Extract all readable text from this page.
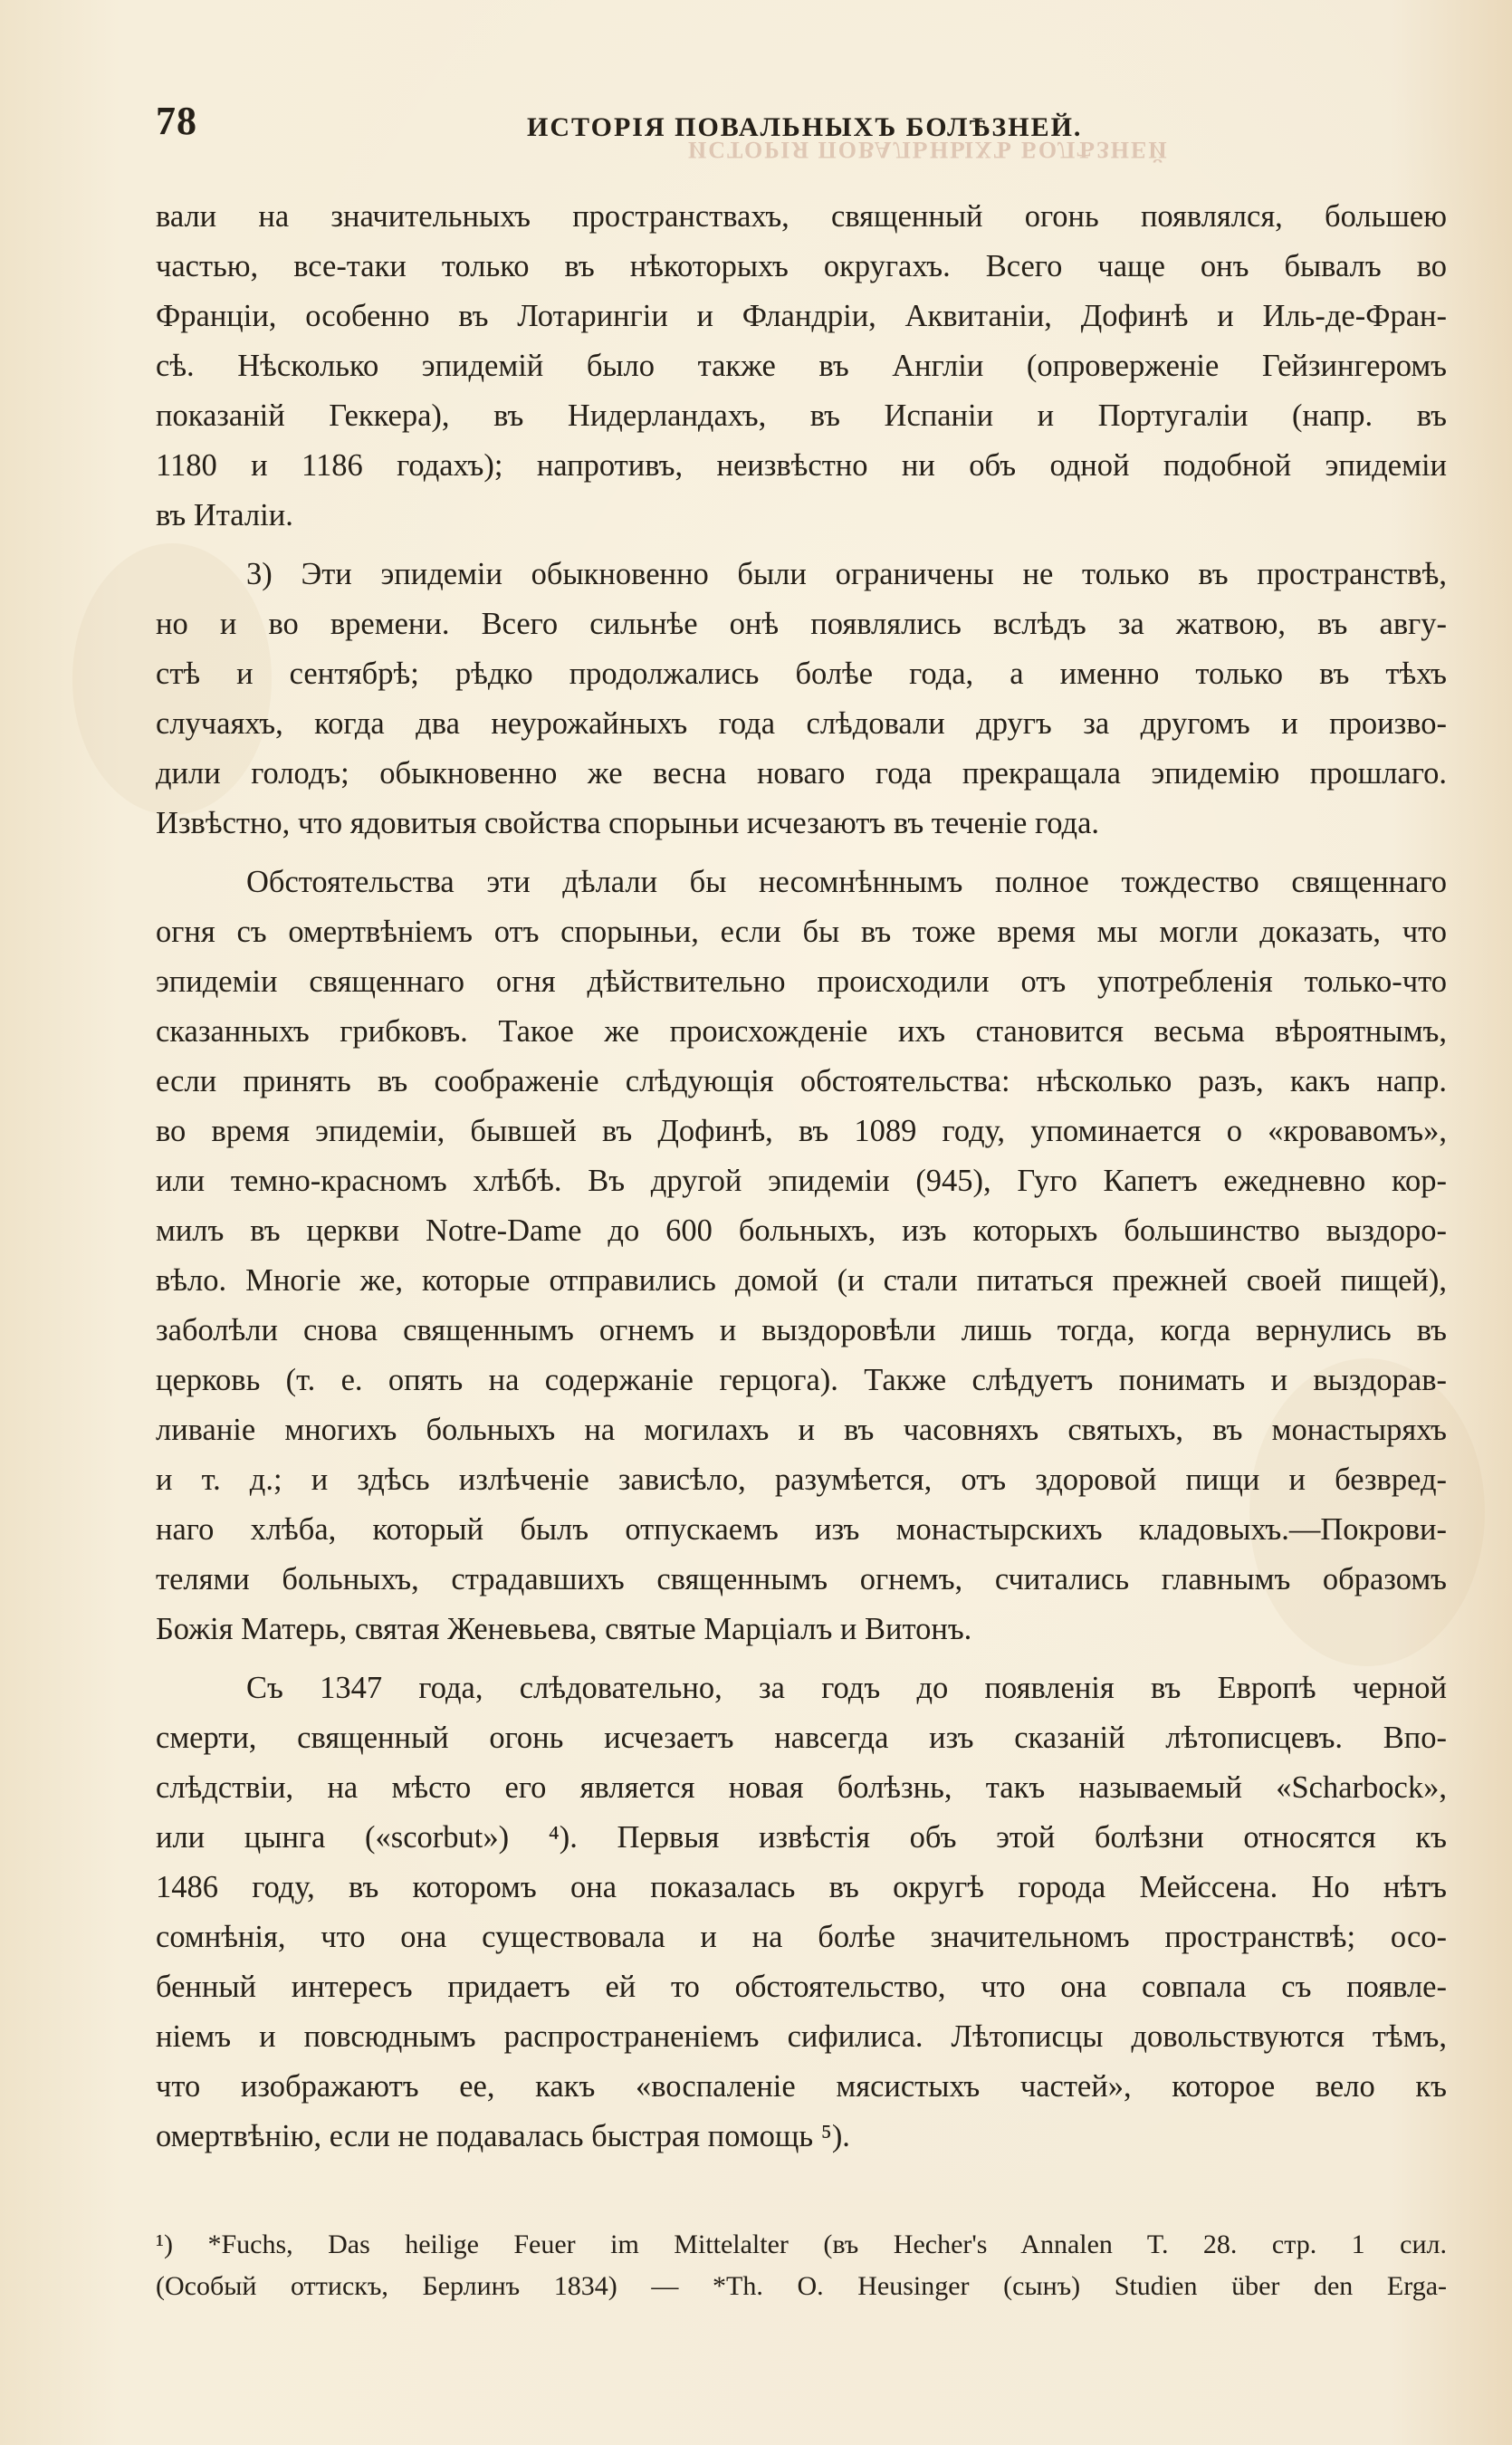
78	ИСТОРІЯ ПОВАЛЬНЫХЪ БОЛѢЗНЕЙ.
ИСТОРІЯ ПОВАЛЬНЫХЪ БОЛѢЗНЕЙ
вали на значительныхъ пространствахъ, священный огонь появлялся, большею
частью, все-таки только въ нѣкоторыхъ округахъ. Всего чаще онъ бывалъ во
Франціи, особенно въ Лотарингіи и Фландріи, Аквитаніи, Дофинѣ и Иль-де-Фран-
сѣ. Нѣсколько эпидемій было также въ Англіи (опроверженіе Гейзингеромъ
показаній Геккера), въ Нидерландахъ, въ Испаніи и Португаліи (напр. въ
1180 и 1186 годахъ); напротивъ, неизвѣстно ни объ одной подобной эпидеміи
въ Италіи.
3) Эти эпидеміи обыкновенно были ограничены не только въ пространствѣ,
но и во времени. Всего сильнѣе онѣ появлялись вслѣдъ за жатвою, въ авгу-
стѣ и сентябрѣ; рѣдко продолжались болѣе года, а именно только въ тѣхъ
случаяхъ, когда два неурожайныхъ года слѣдовали другъ за другомъ и произво-
дили голодъ; обыкновенно же весна новаго года прекращала эпидемію прошлаго.
Извѣстно, что ядовитыя свойства спорыньи исчезаютъ въ теченіе года.
Обстоятельства эти дѣлали бы несомнѣннымъ полное тождество священнаго
огня съ омертвѣніемъ отъ спорыньи, если бы въ тоже время мы могли доказать, что
эпидеміи священнаго огня дѣйствительно происходили отъ употребленія только-что
сказанныхъ грибковъ. Такое же происхожденіе ихъ становится весьма вѣроятнымъ,
если принять въ соображеніе слѣдующія обстоятельства: нѣсколько разъ, какъ напр.
во время эпидеміи, бывшей въ Дофинѣ, въ 1089 году, упоминается о «кровавомъ»,
или темно-красномъ хлѣбѣ. Въ другой эпидеміи (945), Гуго Капетъ ежедневно кор-
милъ въ церкви Notre-Dame до 600 больныхъ, изъ которыхъ большинство выздоро-
вѣло. Многіе же, которые отправились домой (и стали питаться прежней своей пищей),
заболѣли снова священнымъ огнемъ и выздоровѣли лишь тогда, когда вернулись въ
церковь (т. е. опять на содержаніе герцога). Также слѣдуетъ понимать и выздорав-
ливаніе многихъ больныхъ на могилахъ и въ часовняхъ святыхъ, въ монастыряхъ
и т. д.; и здѣсь излѣченіе зависѣло, разумѣется, отъ здоровой пищи и безвред-
наго хлѣба, который былъ отпускаемъ изъ монастырскихъ кладовыхъ.—Покрови-
телями больныхъ, страдавшихъ священнымъ огнемъ, считались главнымъ образомъ
Божія Матерь, святая Женевьева, святые Марціалъ и Витонъ.
Съ 1347 года, слѣдовательно, за годъ до появленія въ Европѣ черной
смерти, священный огонь исчезаетъ навсегда изъ сказаній лѣтописцевъ. Впо-
слѣдствіи, на мѣсто его является новая болѣзнь, такъ называемый «Scharbock»,
или цынга («scorbut») ⁴). Первыя извѣстія объ этой болѣзни относятся къ
1486 году, въ которомъ она показалась въ округѣ города Мейссена. Но нѣтъ
сомнѣнія, что она существовала и на болѣе значительномъ пространствѣ; осо-
бенный интересъ придаетъ ей то обстоятельство, что она совпала съ появле-
ніемъ и повсюднымъ распространеніемъ сифилиса. Лѣтописцы довольствуются тѣмъ,
что изображаютъ ее, какъ «воспаленіе мясистыхъ частей», которое вело къ
омертвѣнію, если не подавалась быстрая помощь ⁵).
¹) *Fuchs, Das heilige Feuer im Mittelalter (въ Hecher's Annalen T. 28. стр. 1 сил.
(Особый оттискъ, Берлинъ 1834) — *Th. O. Heusinger (сынъ) Studien über den Erga-
